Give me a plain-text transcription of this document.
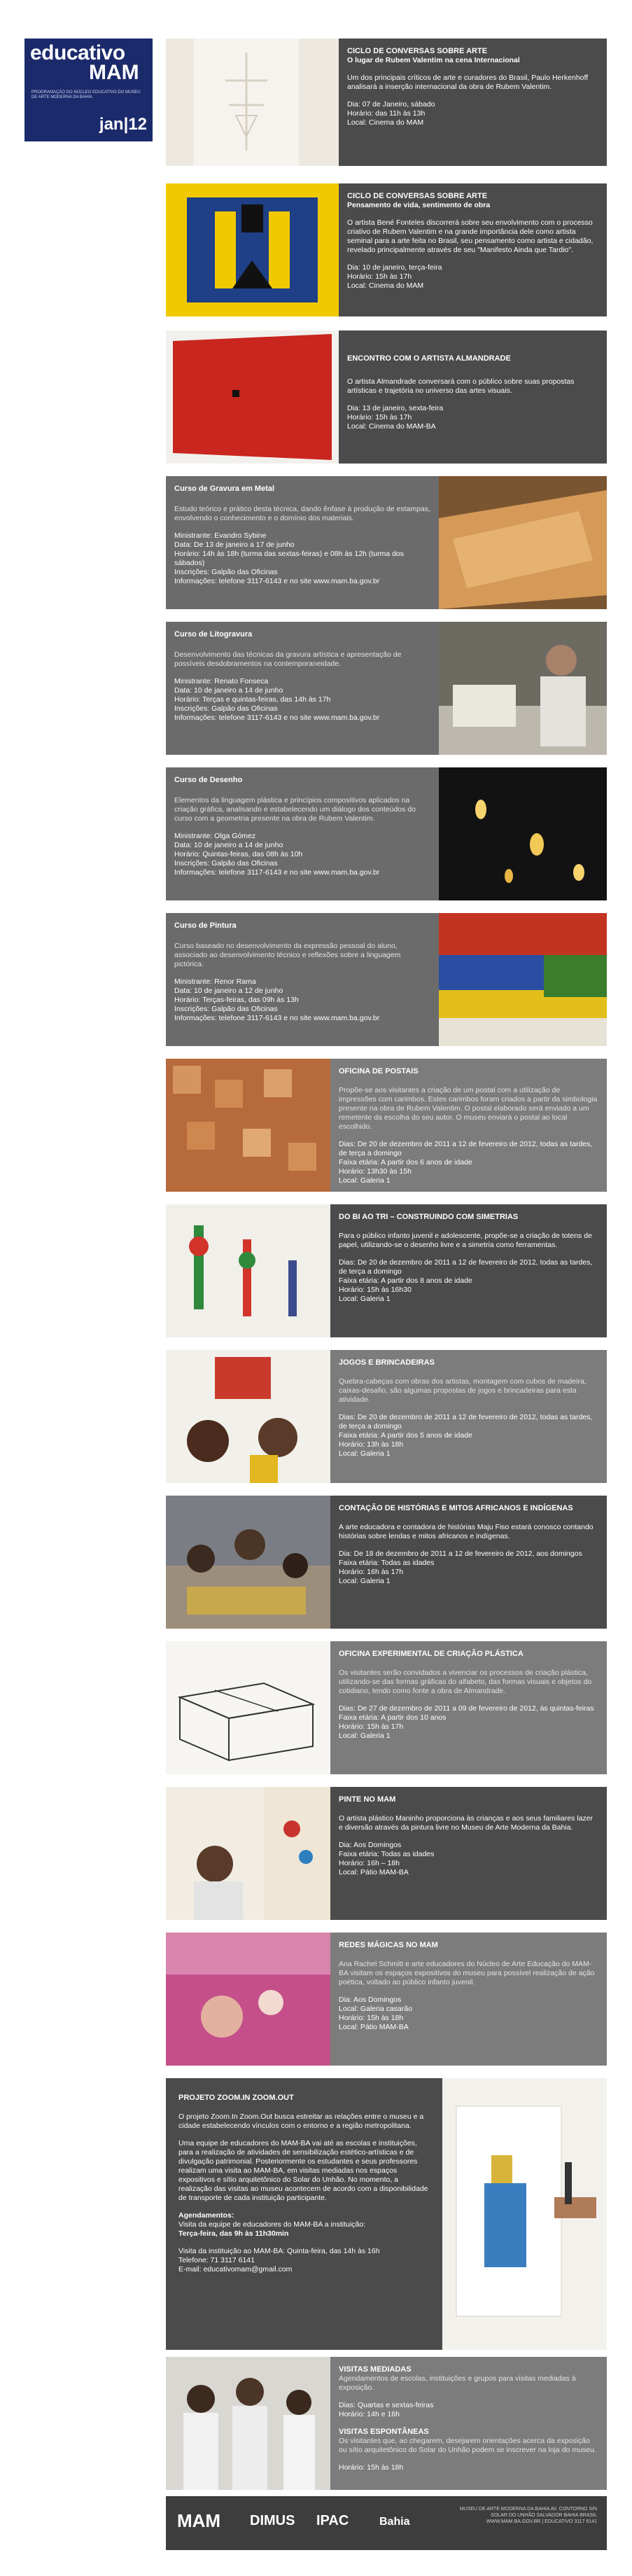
educativo
MAM
PROGRAMAÇÃO DO NÚCLEO EDUCATIVO DO MUSEU DE ARTE MODERNA DA BAHIA
jan|12
CICLO DE CONVERSAS SOBRE ARTE

O lugar de Rubem Valentim na cena Internacional

Um dos principais críticos de arte e curadores do Brasil, Paulo Herkenhoff analisará a inserção internacional da obra de Rubem Valentim.

Dia: 07 de Janeiro, sábado
Horário: das 11h às 13h
Local: Cinema do MAM
CICLO DE CONVERSAS SOBRE ARTE

Pensamento de vida, sentimento de obra

O artista Bené Fonteles discorrerá sobre seu envolvimento com o processo criativo de Rubem Valentim e na grande importância dele como artista seminal para a arte feita no Brasil, seu pensamento como artista e cidadão, revelado principalmente através de seu "Manifesto Ainda que Tardio".

Dia: 10 de janeiro, terça-feira
Horário: 15h às 17h
Local: Cinema do MAM
ENCONTRO COM O ARTISTA ALMANDRADE

O artista Almandrade conversará com o público sobre suas propostas artísticas e trajetória no universo das artes visuais.

Dia: 13 de janeiro, sexta-feira
Horário: 15h às 17h
Local: Cinema do MAM-BA
Curso de Gravura em Metal

Estudo teórico e prático desta técnica, dando ênfase à produção de estampas, envolvendo o conhecimento e o domínio dos materiais.

Ministrante: Evandro Sybine
Data: De 13 de janeiro a 17 de junho
Horário: 14h às 18h (turma das sextas-feiras) e 08h às 12h (turma dos sábados)
Inscrições: Galpão das Oficinas
Informações: telefone 3117-6143 e no site www.mam.ba.gov.br
Curso de Litogravura

Desenvolvimento das técnicas da gravura artística e apresentação de possíveis desdobramentos na contemporaneidade.

Ministrante: Renato Fonseca
Data: 10 de janeiro a 14 de junho
Horário: Terças e quintas-feiras, das 14h às 17h
Inscrições: Galpão das Oficinas
Informações: telefone 3117-6143 e no site www.mam.ba.gov.br
Curso de Desenho

Elementos da linguagem plástica e princípios compositivos aplicados na criação gráfica, analisando e estabelecendo um diálogo dos conteúdos do curso com a geometria presente na obra de Rubem Valentim.

Ministrante: Olga Gómez
Data: 10 de janeiro a 14 de junho
Horário: Quintas-feiras, das 08h às 10h
Inscrições: Galpão das Oficinas
Informações: telefone 3117-6143 e no site www.mam.ba.gov.br
Curso de Pintura

Curso baseado no desenvolvimento da expressão pessoal do aluno, associado ao desenvolvimento técnico e reflexões sobre a linguagem pictórica.

Ministrante: Renor Rama
Data: 10 de janeiro a 12 de junho
Horário: Terças-feiras, das 09h às 13h
Inscrições: Galpão das Oficinas
Informações: telefone 3117-6143 e no site www.mam.ba.gov.br
OFICINA DE POSTAIS

Propõe-se aos visitantes a criação de um postal com a utilização de impressões com carimbos. Estes carimbos foram criados a partir da simbologia presente na obra de Rubem Valentim. O postal elaborado será enviado a um remetente da escolha do seu autor. O museu enviará o postal ao local escolhido.

Dias: De 20 de dezembro de 2011 a 12 de fevereiro de 2012, todas as tardes, de terça a domingo
Faixa etária: A partir dos 6 anos de idade
Horário: 13h30 às 15h
Local: Galeria 1
DO BI AO TRI – CONSTRUINDO COM SIMETRIAS

Para o público infanto juvenil e adolescente, propõe-se a criação de totens de papel, utilizando-se o desenho livre e a simetria como ferramentas.

Dias: De 20 de dezembro de 2011 a 12 de fevereiro de 2012, todas as tardes, de terça a domingo
Faixa etária: A partir dos 8 anos de idade
Horário: 15h às 16h30
Local: Galeria 1
JOGOS E BRINCADEIRAS

Quebra-cabeças com obras dos artistas, montagem com cubos de madeira, caixas-desafio, são algumas propostas de jogos e brincadeiras para esta atividade.

Dias: De 20 de dezembro de 2011 a 12 de fevereiro de 2012, todas as tardes, de terça a domingo
Faixa etária: A partir dos 5 anos de idade
Horário: 13h às 18h
Local: Galeria 1
CONTAÇÃO DE HISTÓRIAS E MITOS AFRICANOS E INDÍGENAS

A arte educadora e contadora de histórias Maju Fiso estará conosco contando histórias sobre lendas e mitos africanos e indígenas.

Dia: De 18 de dezembro de 2011 a 12 de fevereiro de 2012, aos domingos
Faixa etária: Todas as idades
Horário: 16h às 17h
Local: Galeria 1
OFICINA EXPERIMENTAL DE CRIAÇÃO PLÁSTICA

Os visitantes serão convidados a vivenciar os processos de criação plástica, utilizando-se das formas gráficas do alfabeto, das formas visuais e objetos do cotidiano, tendo como fonte a obra de Almandrade.

Dias: De 27 de dezembro de 2011 a 09 de fevereiro de 2012, às quintas-feiras
Faixa etária: A partir dos 10 anos
Horário: 15h às 17h
Local: Galeria 1
PINTE NO MAM

O artista plástico Maninho proporciona às crianças e aos seus familiares lazer e diversão através da pintura livre no Museu de Arte Moderna da Bahia.

Dia: Aos Domingos
Faixa etária: Todas as idades
Horário: 16h – 18h
Local: Pátio MAM-BA
REDES MÁGICAS NO MAM

Ana Rachel Schmitt e arte educadores do Núcleo de Arte Educação do MAM-BA visitam os espaços expositivos do museu para possível realização de ação poética, voltado ao público infanto juvenil.

Dia: Aos Domingos
Local: Galeria casarão
Horário: 15h às 18h
Local: Pátio MAM-BA
PROJETO ZOOM.IN ZOOM.OUT

O projeto Zoom.In Zoom.Out busca estreitar as relações entre o museu e a cidade estabelecendo vínculos com o entorno e a região metropolitana.

Uma equipe de educadores do MAM-BA vai até as escolas e instituições, para a realização de atividades de sensibilização estético-artísticas e de divulgação patrimonial. Posteriormente os estudantes e seus professores realizam uma visita ao MAM-BA, em visitas mediadas nos espaços expositivos e sítio arquitetônico do Solar do Unhão. No momento, a realização das visitas ao museu acontecem de acordo com a disponibilidade de transporte de cada instituição participante.

Agendamentos:
Visita da equipe de educadores do MAM-BA a instituição:
Terça-feira, das 9h às 11h30min
Visita da instituição ao MAM-BA: Quinta-feira, das 14h às 16h
Telefone: 71 3117 6141
E-mail: educativomam@gmail.com
VISITAS MEDIADAS

Agendamentos de escolas, instituições e grupos para visitas mediadas à exposição.

Dias: Quartas e sextas-feiras
Horário: 14h e 16h
VISITAS ESPONTÂNEAS

Os visitantes que, ao chegarem, desejarem orientações acerca da exposição ou sítio arquitetônico do Solar do Unhão podem se inscrever na loja do museu.

Horário: 15h às 18h
MAM DIMUS IPAC	Bahia
MUSEU DE ARTE MODERNA DA BAHIA AV. CONTORNO S/N SOLAR DO UNHÃO SALVADOR BAHIA BRASIL WWW.MAM.BA.GOV.BR | EDUCATIVO 3117 6141
